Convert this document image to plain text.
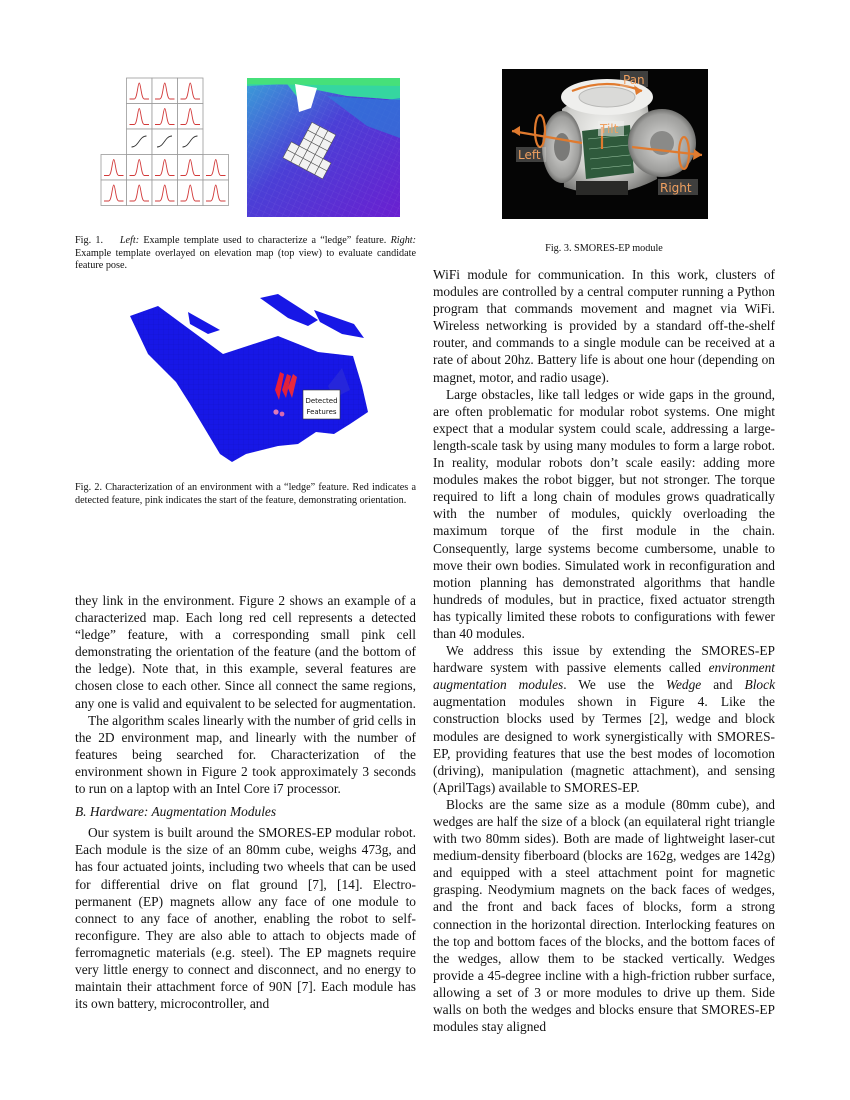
Fig. 1. Left: Example template used to characterize a “ledge” feature. Right: Example template overlayed on elevation map (top view) to evaluate candidate feature pose.
Detected
Features
Fig. 2. Characterization of an environment with a “ledge” feature. Red indicates a detected feature, pink indicates the start of the feature, demonstrating orientation.
Pan
Tilt
Left
Right
Fig. 3. SMORES-EP module

they link in the environment. Figure 2 shows an example of a characterized map. Each long red cell represents a detected “ledge” feature, with a corresponding small pink cell demonstrating the orientation of the feature (and the bottom of the ledge). Note that, in this example, several features are chosen close to each other. Since all connect the same regions, any one is valid and equivalent to be selected for augmentation.

The algorithm scales linearly with the number of grid cells in the 2D environment map, and linearly with the number of features being searched for. Characterization of the environment shown in Figure 2 took approximately 3 seconds to run on a laptop with an Intel Core i7 processor.

B. Hardware: Augmentation Modules

Our system is built around the SMORES-EP modular robot. Each module is the size of an 80mm cube, weighs 473g, and has four actuated joints, including two wheels that can be used for differential drive on flat ground [7], [14]. Electro-permanent (EP) magnets allow any face of one module to connect to any face of another, enabling the robot to self-reconfigure. They are also able to attach to objects made of ferromagnetic materials (e.g. steel). The EP magnets require very little energy to connect and disconnect, and no energy to maintain their attachment force of 90N [7]. Each module has its own battery, microcontroller, and

WiFi module for communication. In this work, clusters of modules are controlled by a central computer running a Python program that commands movement and magnet via WiFi. Wireless networking is provided by a standard off-the-shelf router, and commands to a single module can be received at a rate of about 20hz. Battery life is about one hour (depending on magnet, motor, and radio usage).

Large obstacles, like tall ledges or wide gaps in the ground, are often problematic for modular robot systems. One might expect that a modular system could scale, addressing a large-length-scale task by using many modules to form a large robot. In reality, modular robots don’t scale easily: adding more modules makes the robot bigger, but not stronger. The torque required to lift a long chain of modules grows quadratically with the number of modules, quickly overloading the maximum torque of the first module in the chain. Consequently, large systems become cumbersome, unable to move their own bodies. Simulated work in reconfiguration and motion planning has demonstrated algorithms that handle hundreds of modules, but in practice, fixed actuator strength has typically limited these robots to configurations with fewer than 40 modules.

We address this issue by extending the SMORES-EP hardware system with passive elements called environment augmentation modules. We use the Wedge and Block augmentation modules shown in Figure 4. Like the construction blocks used by Termes [2], wedge and block modules are designed to work synergistically with SMORES-EP, providing features that use the best modes of locomotion (driving), manipulation (magnetic attachment), and sensing (AprilTags) available to SMORES-EP.

Blocks are the same size as a module (80mm cube), and wedges are half the size of a block (an equilateral right triangle with two 80mm sides). Both are made of lightweight laser-cut medium-density fiberboard (blocks are 162g, wedges are 142g) and equipped with a steel attachment point for magnetic grasping. Neodymium magnets on the back faces of wedges, and the front and back faces of blocks, form a strong connection in the horizontal direction. Interlocking features on the top and bottom faces of the blocks, and the bottom faces of the wedges, allow them to be stacked vertically. Wedges provide a 45-degree incline with a high-friction rubber surface, allowing a set of 3 or more modules to drive up them. Side walls on both the wedges and blocks ensure that SMORES-EP modules stay aligned
